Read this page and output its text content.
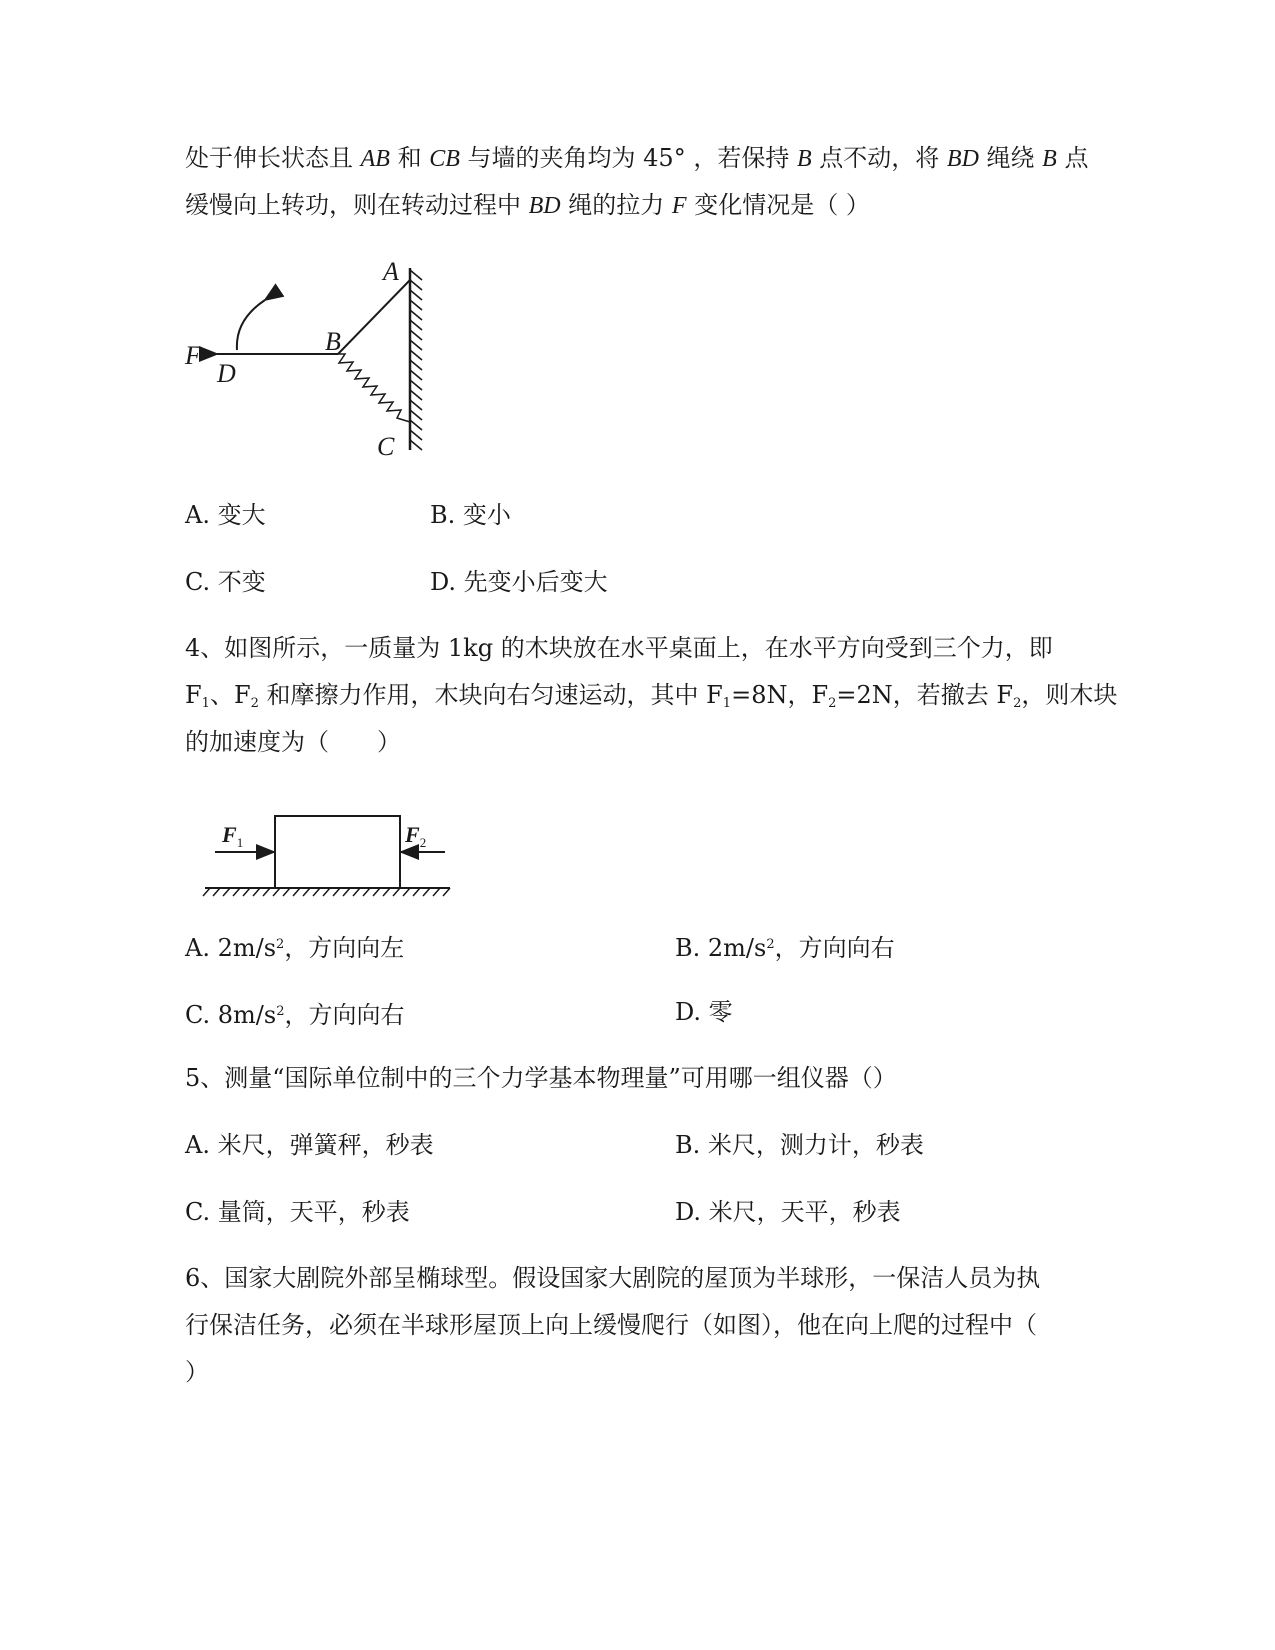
处于伸长状态且 AB 和 CB 与墙的夹角均为 45° ，若保持 B 点不动，将 BD 绳绕 B 点
缓慢向上转功，则在转动过程中 BD 绳的拉力 F 变化情况是（ ）
A
B
C
D
F
A. 变大	B. 变小
C. 不变	D. 先变小后变大
4、如图所示，一质量为 1kg 的木块放在水平桌面上，在水平方向受到三个力，即
$F_1$、$F_2$ 和摩擦力作用，木块向右匀速运动，其中 $F_1=8N$，$F_2=2N$，若撤去 $F_2$，则木块
的加速度为（　　）
$F_1$	$F_2$
A. $2m/s^2$，方向向左	B. $2m/s^2$，方向向右
C. $8m/s^2$，方向向右	D. 零
5、测量“国际单位制中的三个力学基本物理量”可用哪一组仪器（）
A. 米尺，弹簧秤，秒表	B. 米尺，测力计，秒表
C. 量筒，天平，秒表	D. 米尺，天平，秒表
6、国家大剧院外部呈椭球型。假设国家大剧院的屋顶为半球形，一保洁人员为执
行保洁任务，必须在半球形屋顶上向上缓慢爬行（如图），他在向上爬的过程中（
）
